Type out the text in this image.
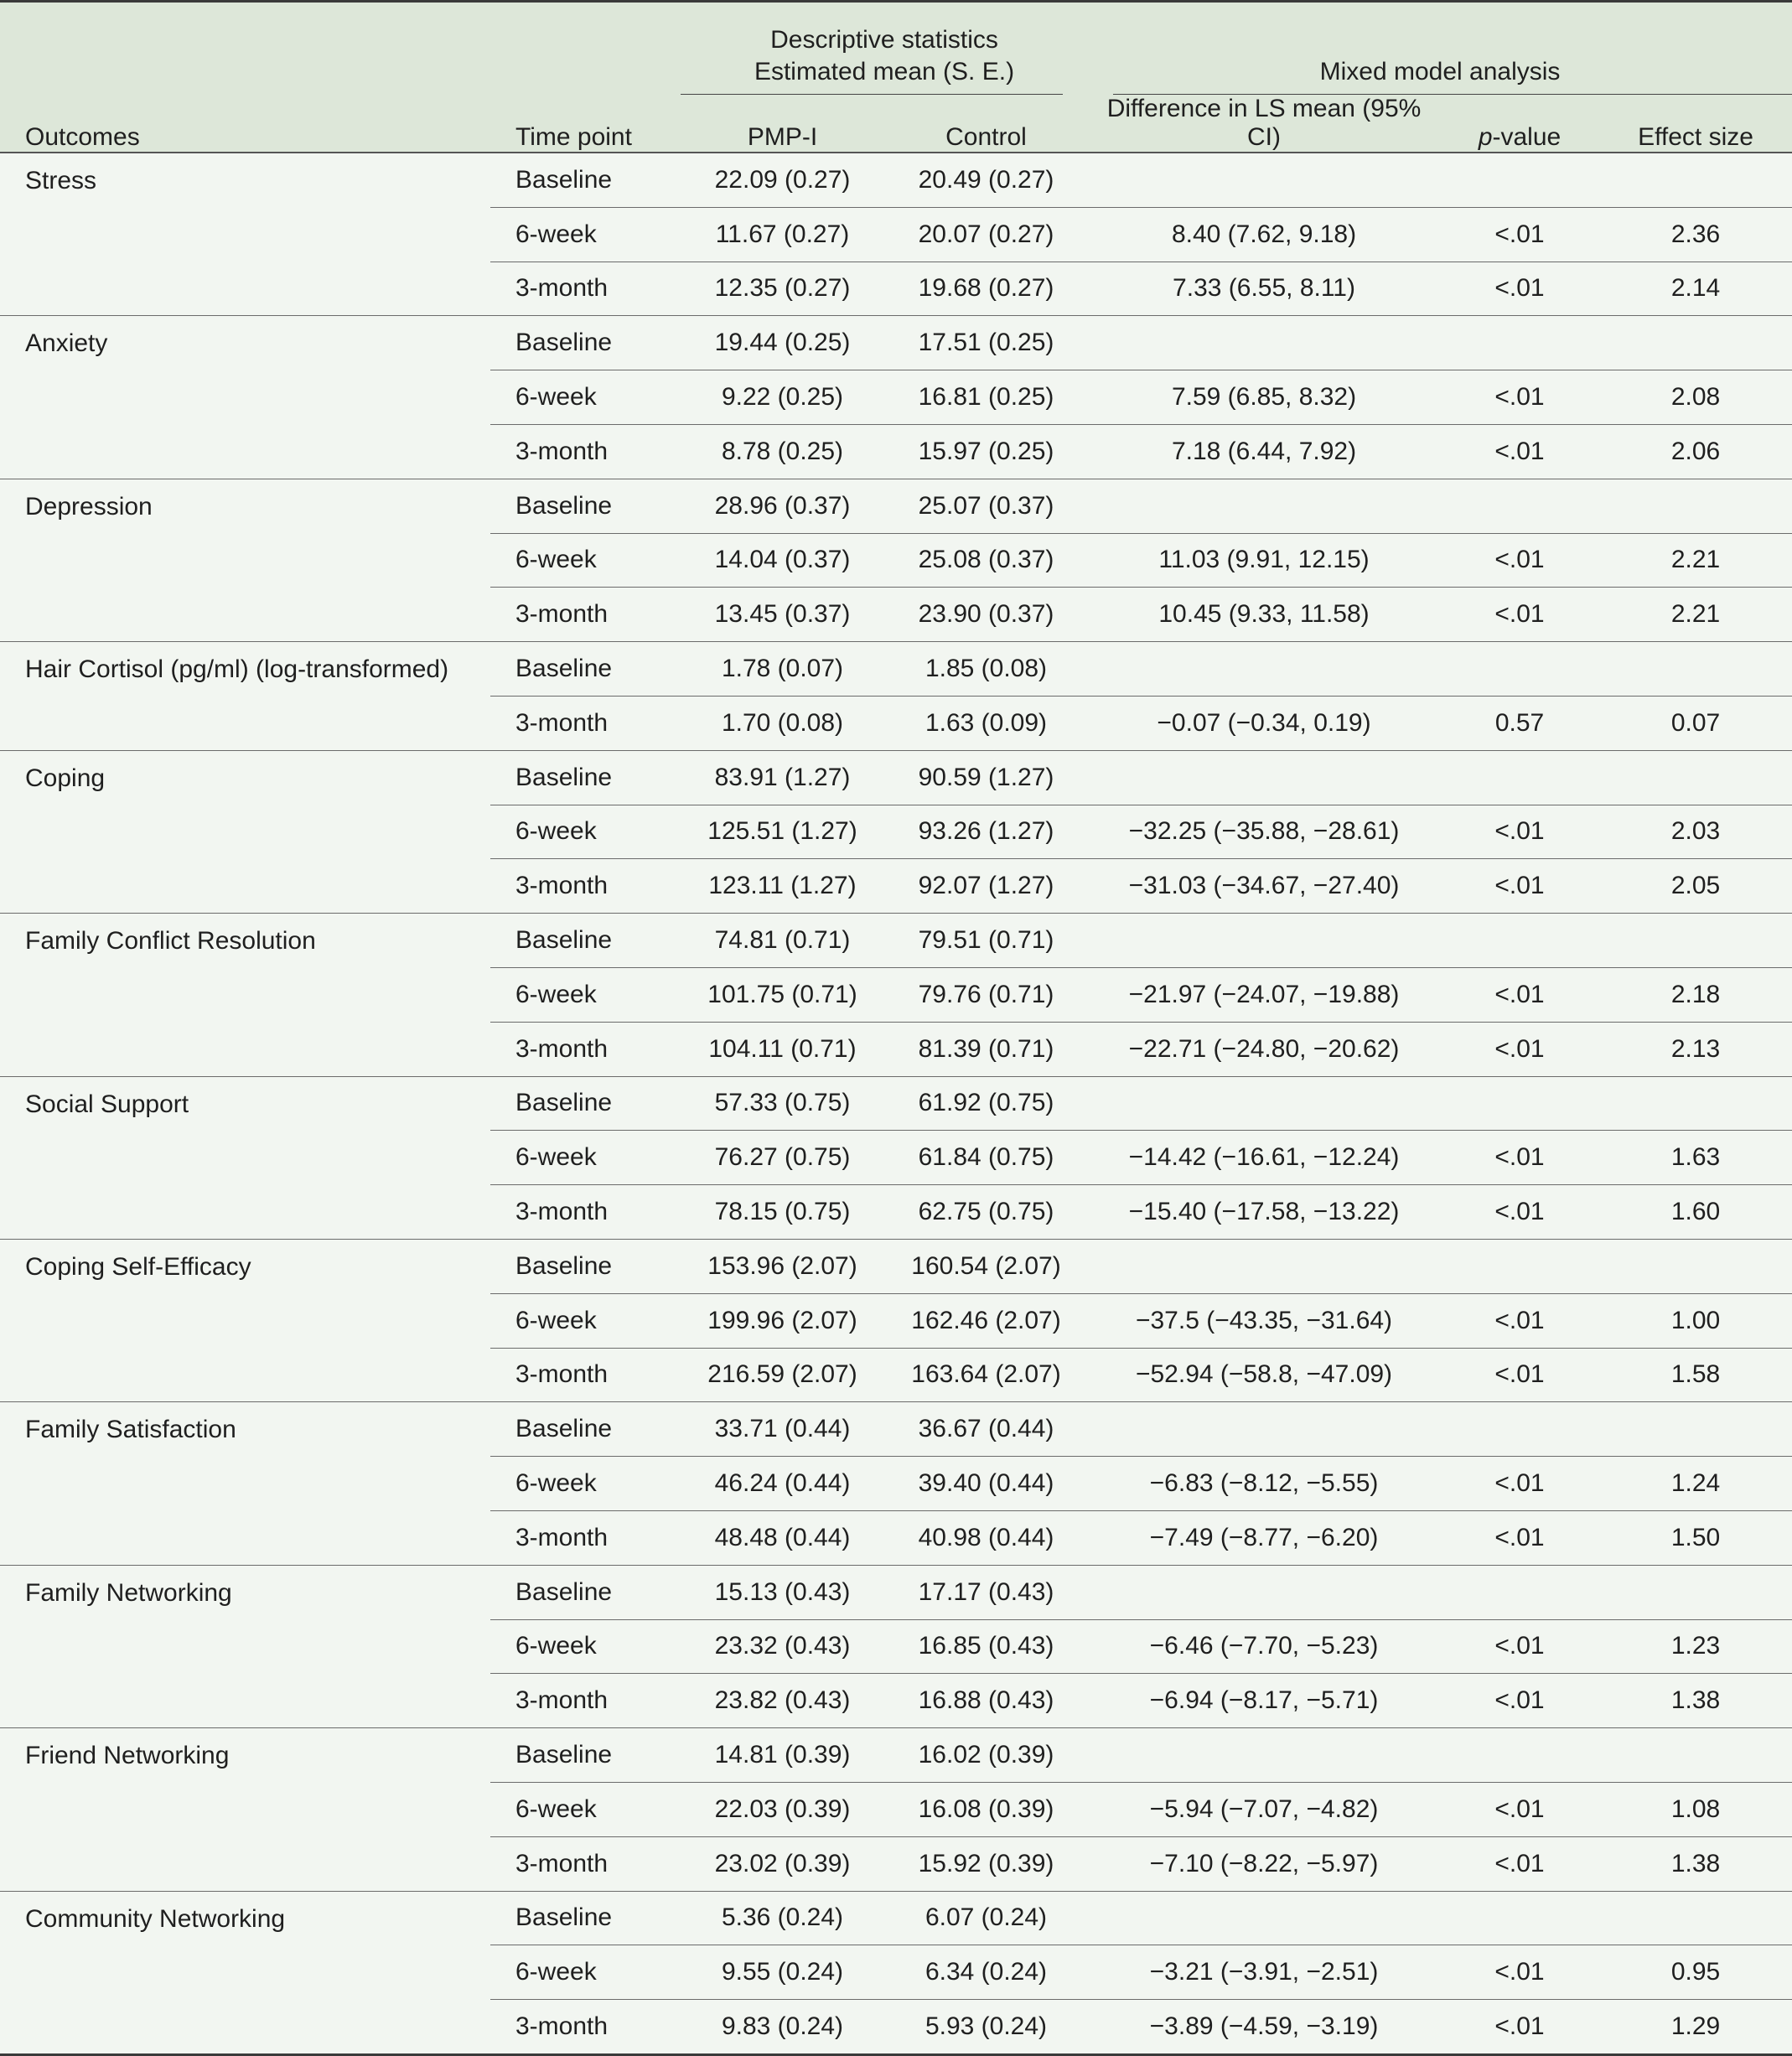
		Descriptive statistics
Estimated mean (S. E.)		Mixed model analysis		

Outcomes	Time point	PMP-I	Control	Difference in LS mean (95% CI)	p-value	Effect size
Stress	Baseline	22.09 (0.27)	20.49 (0.27)			
	6-week	11.67 (0.27)	20.07 (0.27)	8.40 (7.62, 9.18)	<.01	2.36
	3-month	12.35 (0.27)	19.68 (0.27)	7.33 (6.55, 8.11)	<.01	2.14
Anxiety	Baseline	19.44 (0.25)	17.51 (0.25)			
	6-week	9.22 (0.25)	16.81 (0.25)	7.59 (6.85, 8.32)	<.01	2.08
	3-month	8.78 (0.25)	15.97 (0.25)	7.18 (6.44, 7.92)	<.01	2.06
Depression	Baseline	28.96 (0.37)	25.07 (0.37)			
	6-week	14.04 (0.37)	25.08 (0.37)	11.03 (9.91, 12.15)	<.01	2.21
	3-month	13.45 (0.37)	23.90 (0.37)	10.45 (9.33, 11.58)	<.01	2.21
Hair Cortisol (pg/ml) (log-transformed)	Baseline	1.78 (0.07)	1.85 (0.08)			
	3-month	1.70 (0.08)	1.63 (0.09)	−0.07 (−0.34, 0.19)	0.57	0.07
Coping	Baseline	83.91 (1.27)	90.59 (1.27)			
	6-week	125.51 (1.27)	93.26 (1.27)	−32.25 (−35.88, −28.61)	<.01	2.03
	3-month	123.11 (1.27)	92.07 (1.27)	−31.03 (−34.67, −27.40)	<.01	2.05
Family Conflict Resolution	Baseline	74.81 (0.71)	79.51 (0.71)			
	6-week	101.75 (0.71)	79.76 (0.71)	−21.97 (−24.07, −19.88)	<.01	2.18
	3-month	104.11 (0.71)	81.39 (0.71)	−22.71 (−24.80, −20.62)	<.01	2.13
Social Support	Baseline	57.33 (0.75)	61.92 (0.75)			
	6-week	76.27 (0.75)	61.84 (0.75)	−14.42 (−16.61, −12.24)	<.01	1.63
	3-month	78.15 (0.75)	62.75 (0.75)	−15.40 (−17.58, −13.22)	<.01	1.60
Coping Self-Efficacy	Baseline	153.96 (2.07)	160.54 (2.07)			
	6-week	199.96 (2.07)	162.46 (2.07)	−37.5 (−43.35, −31.64)	<.01	1.00
	3-month	216.59 (2.07)	163.64 (2.07)	−52.94 (−58.8, −47.09)	<.01	1.58
Family Satisfaction	Baseline	33.71 (0.44)	36.67 (0.44)			
	6-week	46.24 (0.44)	39.40 (0.44)	−6.83 (−8.12, −5.55)	<.01	1.24
	3-month	48.48 (0.44)	40.98 (0.44)	−7.49 (−8.77, −6.20)	<.01	1.50
Family Networking	Baseline	15.13 (0.43)	17.17 (0.43)			
	6-week	23.32 (0.43)	16.85 (0.43)	−6.46 (−7.70, −5.23)	<.01	1.23
	3-month	23.82 (0.43)	16.88 (0.43)	−6.94 (−8.17, −5.71)	<.01	1.38
Friend Networking	Baseline	14.81 (0.39)	16.02 (0.39)			
	6-week	22.03 (0.39)	16.08 (0.39)	−5.94 (−7.07, −4.82)	<.01	1.08
	3-month	23.02 (0.39)	15.92 (0.39)	−7.10 (−8.22, −5.97)	<.01	1.38
Community Networking	Baseline	5.36 (0.24)	6.07 (0.24)			
	6-week	9.55 (0.24)	6.34 (0.24)	−3.21 (−3.91, −2.51)	<.01	0.95
	3-month	9.83 (0.24)	5.93 (0.24)	−3.89 (−4.59, −3.19)	<.01	1.29
